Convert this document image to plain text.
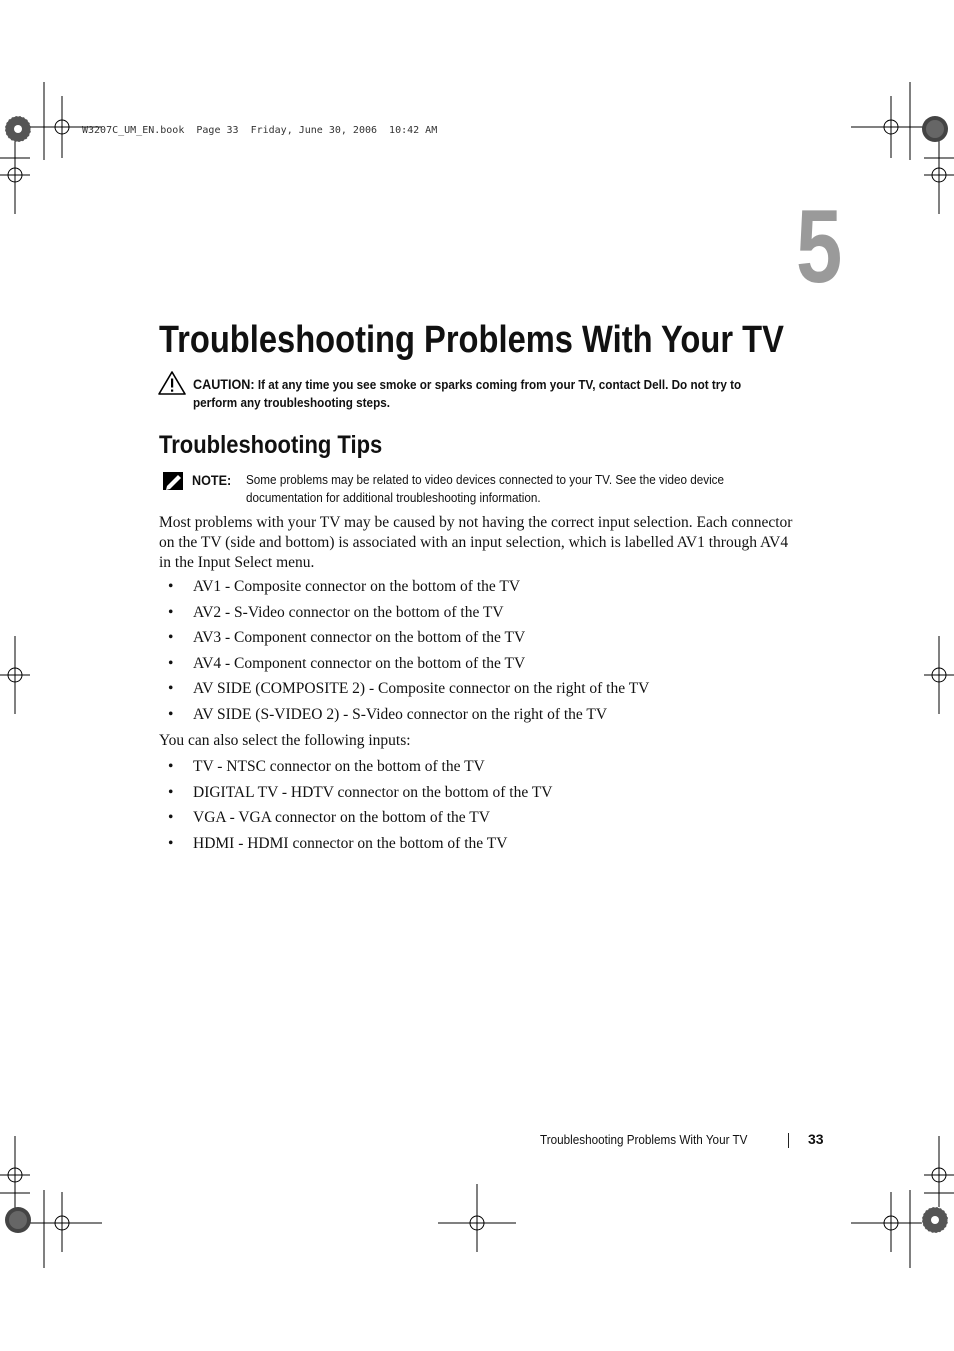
W3207C_UM_EN.book  Page 33  Friday, June 30, 2006  10:42 AM
5
Troubleshooting Problems With Your TV
CAUTION: If at any time you see smoke or sparks coming from your TV, contact Dell. Do not try to perform any troubleshooting steps.
Troubleshooting Tips
NOTE: Some problems may be related to video devices connected to your TV. See the video device documentation for additional troubleshooting information.
Most problems with your TV may be caused by not having the correct input selection. Each connector on the TV (side and bottom) is associated with an input selection, which is labelled AV1 through AV4 in the Input Select menu.
• AV1 - Composite connector on the bottom of the TV
• AV2 - S-Video connector on the bottom of the TV
• AV3 - Component connector on the bottom of the TV
• AV4 - Component connector on the bottom of the TV
• AV SIDE (COMPOSITE 2) - Composite connector on the right of the TV
• AV SIDE (S-VIDEO 2) - S-Video connector on the right of the TV
You can also select the following inputs:
• TV - NTSC connector on the bottom of the TV
• DIGITAL TV - HDTV connector on the bottom of the TV
• VGA - VGA connector on the bottom of the TV
• HDMI - HDMI connector on the bottom of the TV
Troubleshooting Problems With Your TV	33
